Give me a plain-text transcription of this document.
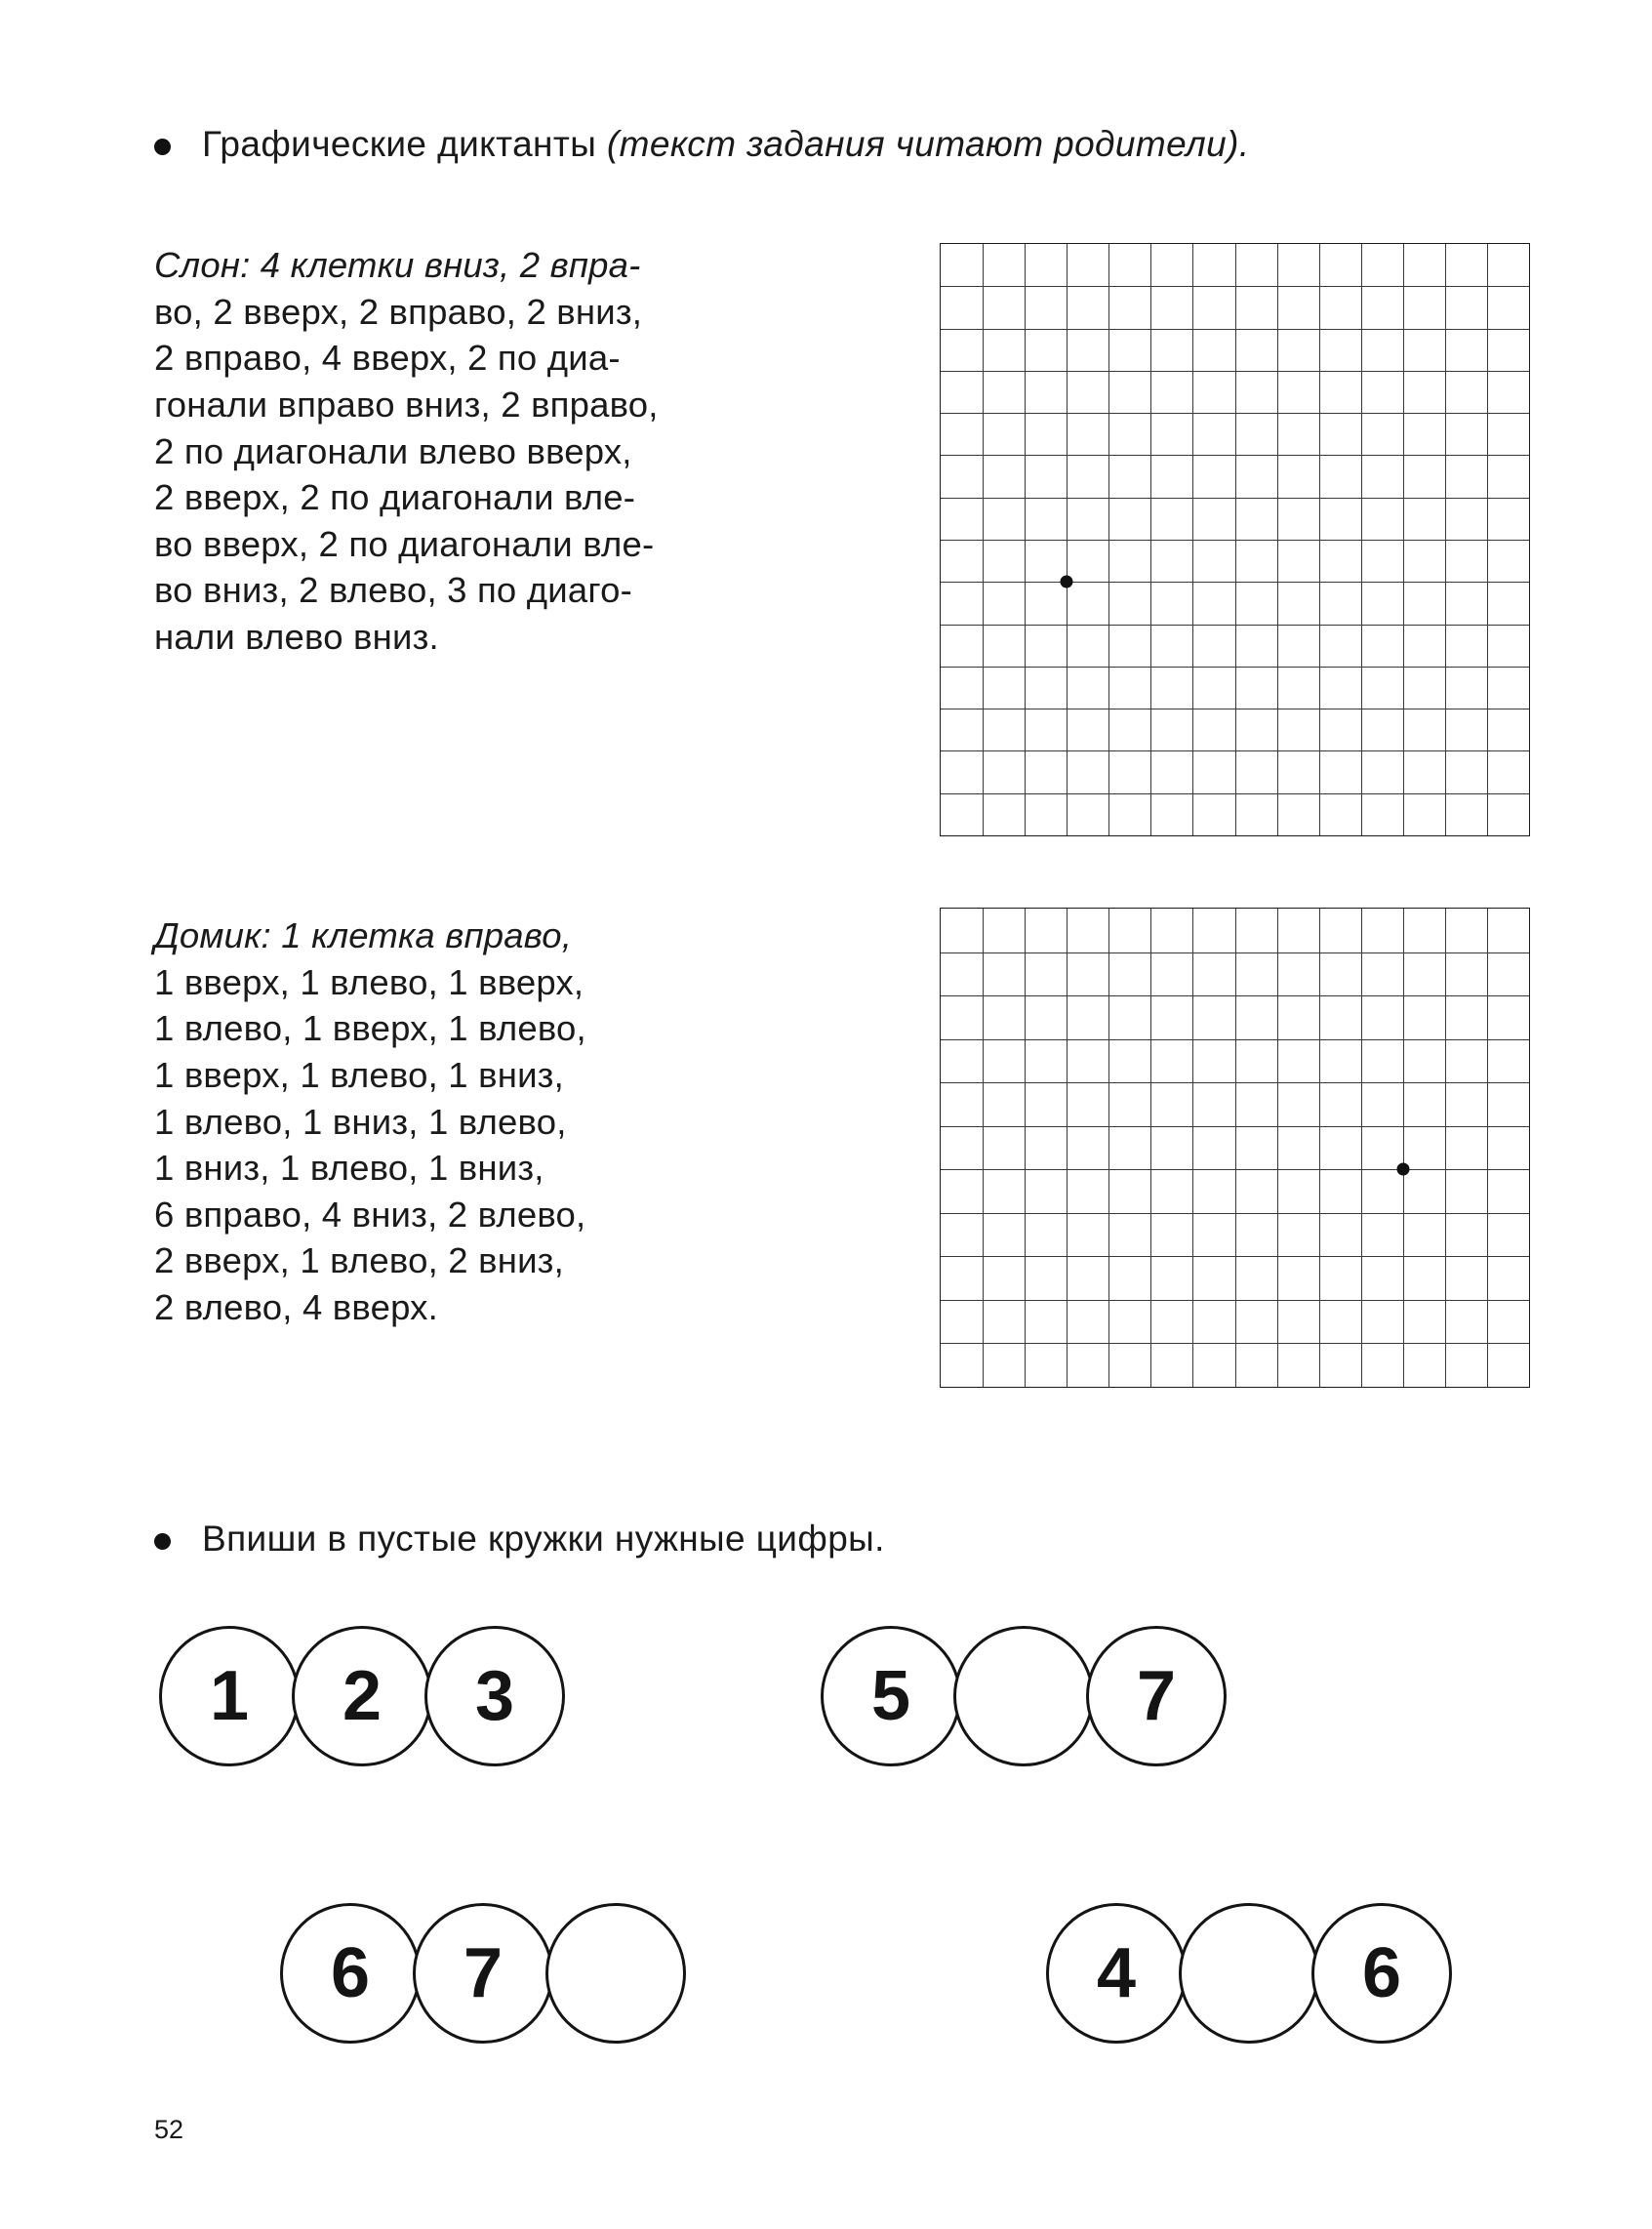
Графические диктанты (текст задания читают родители).
Слон: 4 клетки вниз, 2 впра-
во, 2 вверх, 2 вправо, 2 вниз,
2 вправо, 4 вверх, 2 по диа-
гонали вправо вниз, 2 вправо,
2 по диагонали влево вверх,
2 вверх, 2 по диагонали вле-
во вверх, 2 по диагонали вле-
во вниз, 2 влево, 3 по диаго-
нали влево вниз.
Домик: 1 клетка вправо,
1 вверх, 1 влево, 1 вверх,
1 влево, 1 вверх, 1 влево,
1 вверх, 1 влево, 1 вниз,
1 влево, 1 вниз, 1 влево,
1 вниз, 1 влево, 1 вниз,
6 вправо, 4 вниз, 2 влево,
2 вверх, 1 влево, 2 вниз,
2 влево, 4 вверх.
Впиши в пустые кружки нужные цифры.
1	2	3	5	7
6	7	4	6
52
